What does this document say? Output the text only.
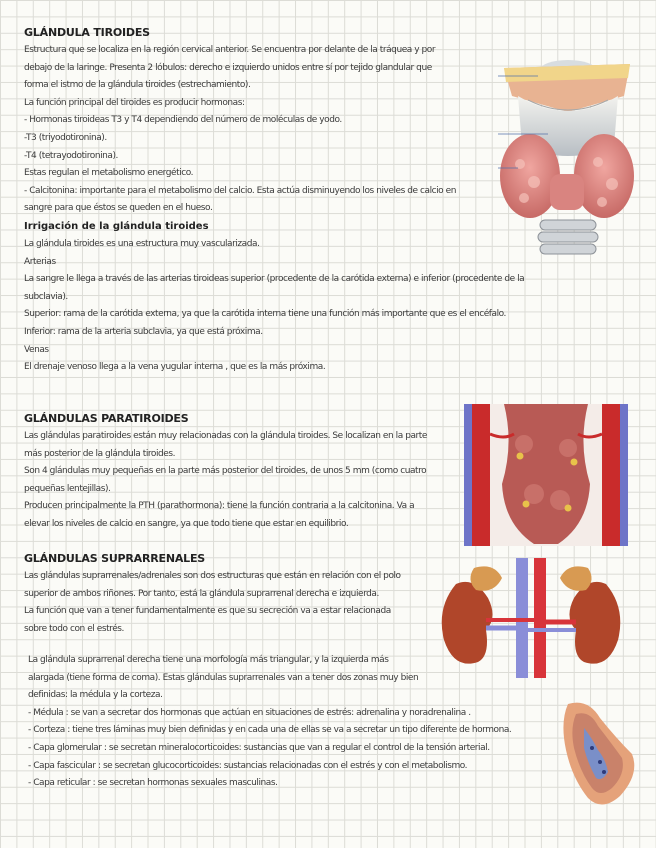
GLÁNDULA TIROIDES
Estructura que se localiza en la región cervical anterior. Se encuentra por delante de la tráquea y por
debajo de la laringe. Presenta 2 lóbulos: derecho e izquierdo unidos entre sí por tejido glandular que
forma el istmo de la glándula tiroides (estrechamiento).
La función principal del tiroides es producir hormonas:
- Hormonas tiroideas T3 y T4 dependiendo del número de moléculas de yodo.
-T3 (triyodotironina).
-T4 (tetrayodotironina).
Estas regulan el metabolismo energético.
- Calcitonina: importante para el metabolismo del calcio. Esta actúa disminuyendo los niveles de calcio en
sangre para que éstos se queden en el hueso.
Irrigación de la glándula tiroides
La glándula tiroides es una estructura muy vascularizada.
Arterias
La sangre le llega a través de las arterias tiroideas superior (procedente de la carótida externa) e inferior (procedente de la
subclavia).
Superior: rama de la carótida externa, ya que la carótida interna tiene una función más importante que es el encéfalo.
Inferior: rama de la arteria subclavia, ya que está próxima.
Venas
El drenaje venoso llega a la vena yugular interna , que es la más próxima.
GLÁNDULAS PARATIROIDES
Las glándulas paratiroides están muy relacionadas con la glándula tiroides. Se localizan en la parte
más posterior de la glándula tiroides.
Son 4 glándulas muy pequeñas en la parte más posterior del tiroides, de unos 5 mm (como cuatro
pequeñas lentejillas).
Producen principalmente la PTH (parathormona): tiene la función contraria a la calcitonina. Va a
elevar los niveles de calcio en sangre, ya que todo tiene que estar en equilibrio.
GLÁNDULAS SUPRARRENALES
Las glándulas suprarrenales/adrenales son dos estructuras que están en relación con el polo
superior de ambos riñones. Por tanto, está la glándula suprarrenal derecha e izquierda.
La función que van a tener fundamentalmente es que su secreción va a estar relacionada
sobre todo con el estrés.
La glándula suprarrenal derecha tiene una morfología más triangular, y la izquierda más
alargada (tiene forma de coma). Estas glándulas suprarrenales van a tener dos zonas muy bien
definidas: la médula y la corteza.
- Médula : se van a secretar dos hormonas que actúan en situaciones de estrés: adrenalina y noradrenalina .
- Corteza : tiene tres láminas muy bien definidas y en cada una de ellas se va a secretar un tipo diferente de hormona.
- Capa glomerular : se secretan mineralocorticoides: sustancias que van a regular el control de la tensión arterial.
- Capa fascicular : se secretan glucocorticoides: sustancias relacionadas con el estrés y con el metabolismo.
- Capa reticular : se secretan hormonas sexuales masculinas.
